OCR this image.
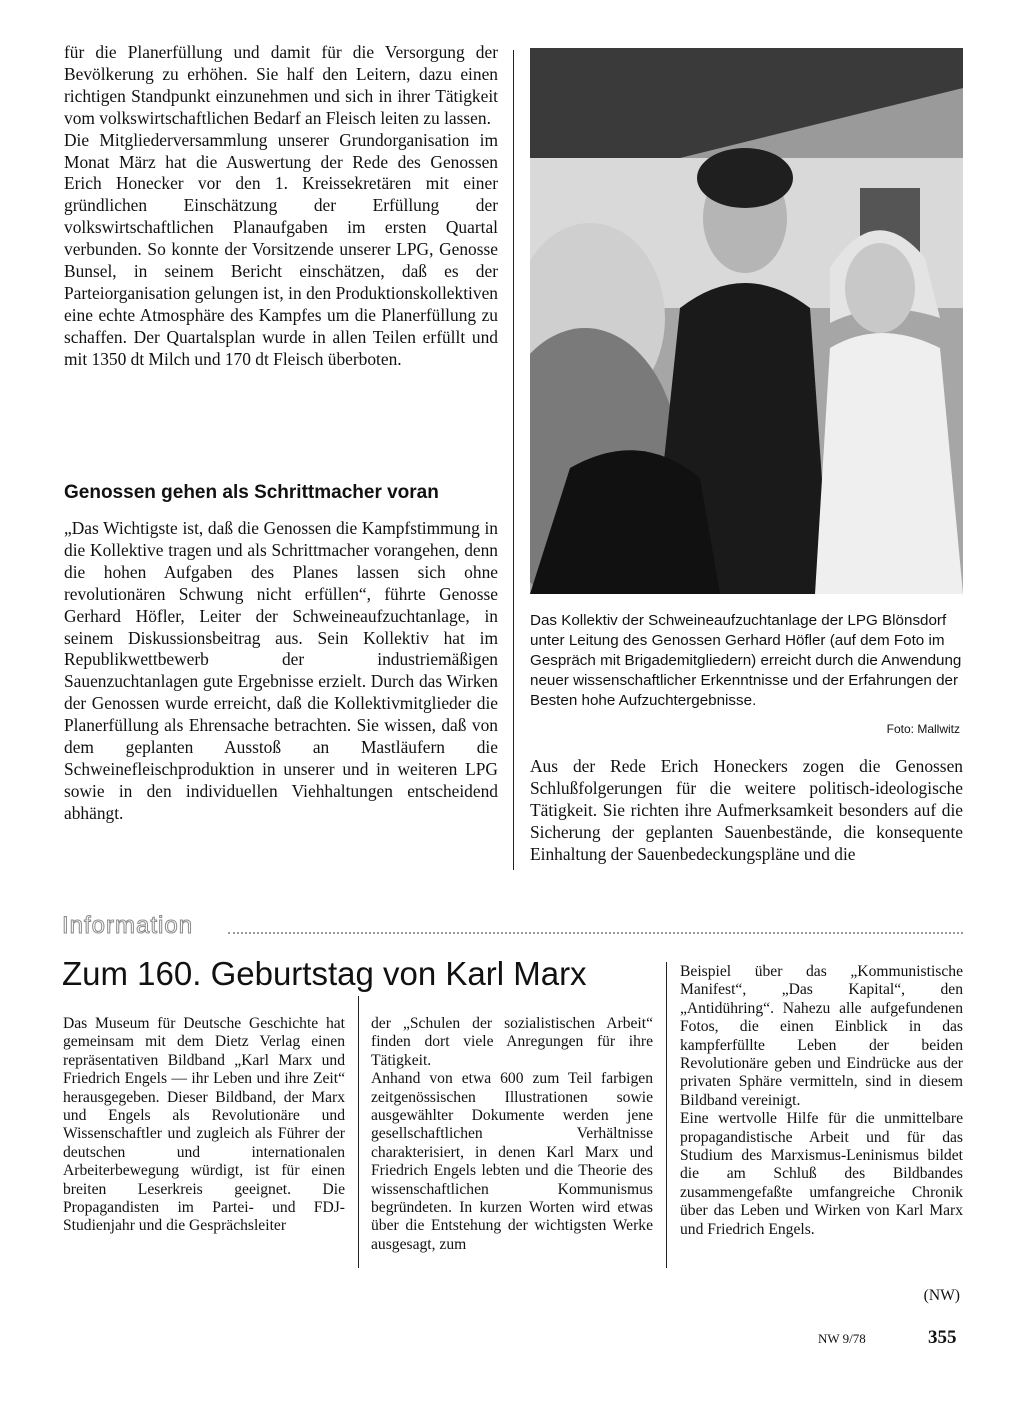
für die Planerfüllung und damit für die Versorgung der Bevölkerung zu erhöhen. Sie half den Leitern, dazu einen richtigen Standpunkt einzunehmen und sich in ihrer Tätigkeit vom volkswirtschaftlichen Bedarf an Fleisch leiten zu lassen.

Die Mitgliederversammlung unserer Grundorganisation im Monat März hat die Auswertung der Rede des Genossen Erich Honecker vor den 1. Kreissekretären mit einer gründlichen Einschätzung der Erfüllung der volkswirtschaftlichen Planaufgaben im ersten Quartal verbunden. So konnte der Vorsitzende unserer LPG, Genosse Bunsel, in seinem Bericht einschätzen, daß es der Parteiorganisation gelungen ist, in den Produktionskollektiven eine echte Atmosphäre des Kampfes um die Planerfüllung zu schaffen. Der Quartalsplan wurde in allen Teilen erfüllt und mit 1350 dt Milch und 170 dt Fleisch überboten.

Genossen gehen als Schrittmacher voran

„Das Wichtigste ist, daß die Genossen die Kampfstimmung in die Kollektive tragen und als Schrittmacher vorangehen, denn die hohen Aufgaben des Planes lassen sich ohne revolutionären Schwung nicht erfüllen“, führte Genosse Gerhard Höfler, Leiter der Schweineaufzuchtanlage, in seinem Diskussionsbeitrag aus. Sein Kollektiv hat im Republikwettbewerb der industriemäßigen Sauenzuchtanlagen gute Ergebnisse erzielt. Durch das Wirken der Genossen wurde erreicht, daß die Kollektivmitglieder die Planerfüllung als Ehrensache betrachten. Sie wissen, daß von dem geplanten Ausstoß an Mastläufern die Schweinefleischproduktion in unserer und in weiteren LPG sowie in den individuellen Viehhaltungen entscheidend abhängt.

Das Kollektiv der Schweineaufzuchtanlage der LPG Blönsdorf unter Leitung des Genossen Gerhard Höfler (auf dem Foto im Gespräch mit Brigademitgliedern) erreicht durch die Anwendung neuer wissenschaftlicher Erkenntnisse und der Erfahrungen der Besten hohe Aufzuchtergebnisse.
Foto: Mallwitz

Aus der Rede Erich Honeckers zogen die Genossen Schlußfolgerungen für die weitere politisch-ideologische Tätigkeit. Sie richten ihre Aufmerksamkeit besonders auf die Sicherung der geplanten Sauenbestände, die konsequente Einhaltung der Sauenbedeckungspläne und die

Information
Zum 160. Geburtstag von Karl Marx

Das Museum für Deutsche Geschichte hat gemeinsam mit dem Dietz Verlag einen repräsentativen Bildband „Karl Marx und Friedrich Engels — ihr Leben und ihre Zeit“ herausgegeben. Dieser Bildband, der Marx und Engels als Revolutionäre und Wissenschaftler und zugleich als Führer der deutschen und internationalen Arbeiterbewegung würdigt, ist für einen breiten Leserkreis geeignet. Die Propagandisten im Partei- und FDJ-Studienjahr und die Gesprächsleiter

der „Schulen der sozialistischen Arbeit“ finden dort viele Anregungen für ihre Tätigkeit.

Anhand von etwa 600 zum Teil farbigen zeitgenössischen Illustrationen sowie ausgewählter Dokumente werden jene gesellschaftlichen Verhältnisse charakterisiert, in denen Karl Marx und Friedrich Engels lebten und die Theorie des wissenschaftlichen Kommunismus begründeten. In kurzen Worten wird etwas über die Entstehung der wichtigsten Werke ausgesagt, zum

Beispiel über das „Kommunistische Manifest“, „Das Kapital“, den „Antidühring“. Nahezu alle aufgefundenen Fotos, die einen Einblick in das kampferfüllte Leben der beiden Revolutionäre geben und Eindrücke aus der privaten Sphäre vermitteln, sind in diesem Bildband vereinigt.

Eine wertvolle Hilfe für die unmittelbare propagandistische Arbeit und für das Studium des Marxismus-Leninismus bildet die am Schluß des Bildbandes zusammengefaßte umfangreiche Chronik über das Leben und Wirken von Karl Marx und Friedrich Engels.

(NW)
NW 9/78	355
